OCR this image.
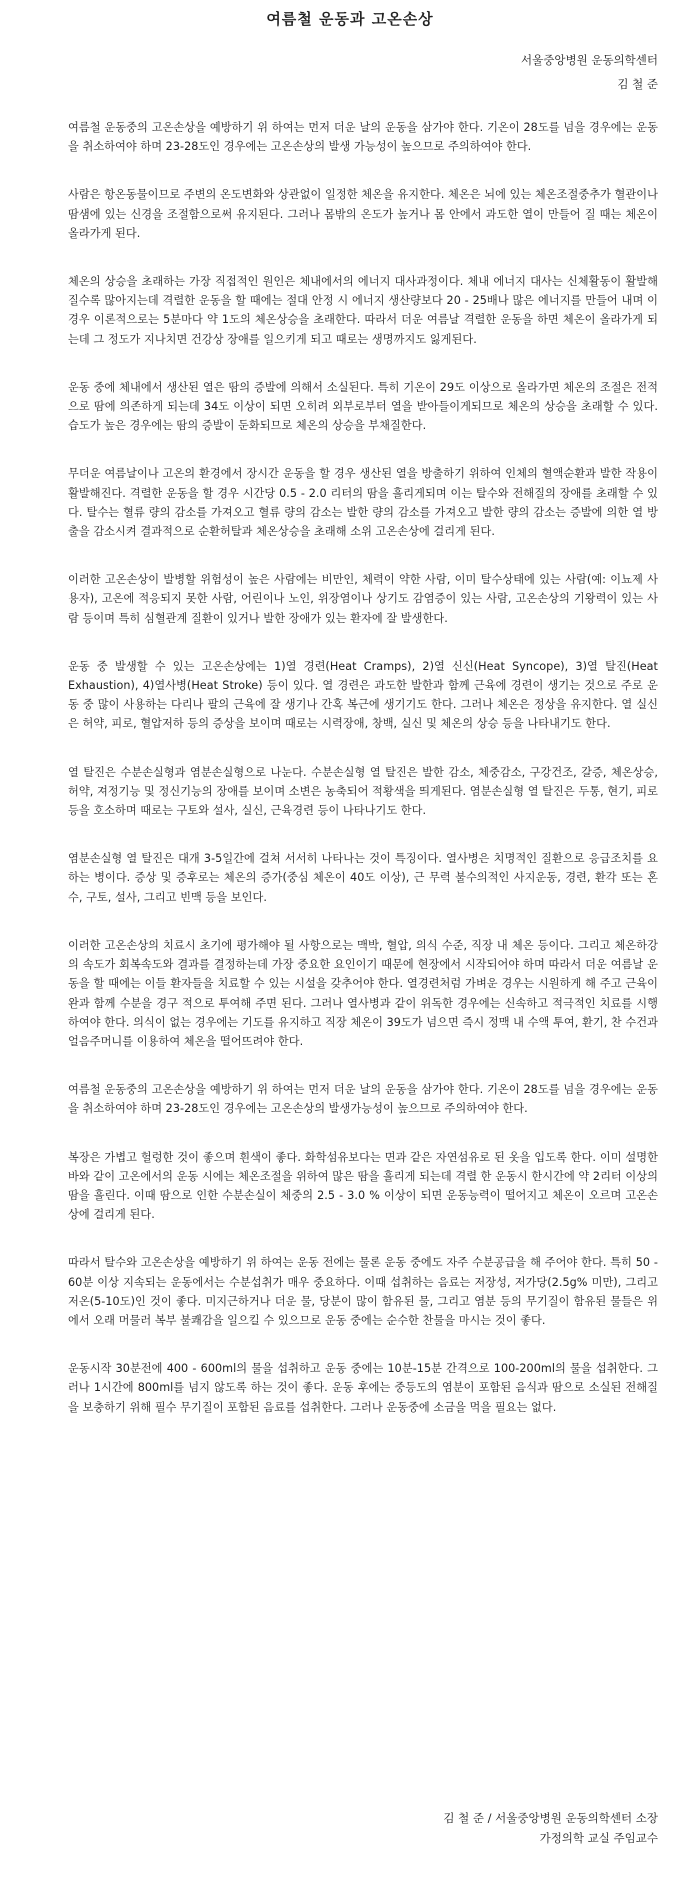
여름철 운동과 고온손상
서울중앙병원 운동의학센터
김 철 준

여름철 운동중의 고온손상을 예방하기 위 하여는 먼저 더운 날의 운동을 삼가야 한다. 기온이 28도를 넘을 경우에는 운동을 취소하여야 하며 23-28도인 경우에는 고온손상의 발생 가능성이 높으므로 주의하여야 한다.

사람은 항온동물이므로 주변의 온도변화와 상관없이 일정한 체온을 유지한다. 체온은 뇌에 있는 체온조절중추가 혈관이나 땀샘에 있는 신경을 조절함으로써 유지된다. 그러나 몸밖의 온도가 높거나 몸 안에서 과도한 열이 만들어 질 때는 체온이 올라가게 된다.

체온의 상승을 초래하는 가장 직접적인 원인은 체내에서의 에너지 대사과정이다. 체내 에너지 대사는 신체활동이 활발해 질수록 많아지는데 격렬한 운동을 할 때에는 절대 안정 시 에너지 생산량보다 20 - 25배나 많은 에너지를 만들어 내며 이 경우 이론적으로는 5분마다 약 1도의 체온상승을 초래한다. 따라서 더운 여름날 격렬한 운동을 하면 체온이 올라가게 되는데 그 정도가 지나치면 건강상 장애를 일으키게 되고 때로는 생명까지도 잃게된다.

운동 중에 체내에서 생산된 열은 땀의 증발에 의해서 소실된다. 특히 기온이 29도 이상으로 올라가면 체온의 조절은 전적으로 땀에 의존하게 되는데 34도 이상이 되면 오히려 외부로부터 열을 받아들이게되므로 체온의 상승을 초래할 수 있다. 습도가 높은 경우에는 땀의 증발이 둔화되므로 체온의 상승을 부채질한다.

무더운 여름날이나 고온의 환경에서 장시간 운동을 할 경우 생산된 열을 방출하기 위하여 인체의 혈액순환과 발한 작용이 활발해진다. 격렬한 운동을 할 경우 시간당 0.5 - 2.0 리터의 땀을 흘리게되며 이는 탈수와 전해질의 장애를 초래할 수 있다. 탈수는 혈류 량의 감소를 가져오고 혈류 량의 감소는 발한 량의 감소를 가져오고 발한 량의 감소는 증발에 의한 열 방출을 감소시켜 결과적으로 순환허탈과 체온상승을 초래해 소위 고온손상에 걸리게 된다.

이러한 고온손상이 발병할 위험성이 높은 사람에는 비만인, 체력이 약한 사람, 이미 탈수상태에 있는 사람(예: 이뇨제 사용자), 고온에 적응되지 못한 사람, 어린이나 노인, 위장염이나 상기도 감염증이 있는 사람, 고온손상의 기왕력이 있는 사람 등이며 특히 심혈관계 질환이 있거나 발한 장애가 있는 환자에 잘 발생한다.

운동 중 발생할 수 있는 고온손상에는 1)열 경련(Heat Cramps), 2)열 신신(Heat Syncope), 3)열 탈진(Heat Exhaustion), 4)열사병(Heat Stroke) 등이 있다. 열 경련은 과도한 발한과 함께 근육에 경련이 생기는 것으로 주로 운동 중 많이 사용하는 다리나 팔의 근육에 잘 생기나 간혹 복근에 생기기도 한다. 그러나 체온은 정상을 유지한다. 열 실신은 허약, 피로, 혈압저하 등의 증상을 보이며 때로는 시력장애, 창백, 실신 및 체온의 상승 등을 나타내기도 한다.

열 탈진은 수분손실형과 염분손실형으로 나눈다. 수분손실형 열 탈진은 발한 감소, 체중감소, 구강건조, 갈증, 체온상승, 허약, 져정기능 및 정신기능의 장애를 보이며 소변은 농축되어 적황색을 띄게된다. 염분손실형 열 탈진은 두통, 현기, 피로 등을 호소하며 때로는 구토와 설사, 실신, 근육경련 등이 나타나기도 한다.

염분손실형 열 탈진은 대개 3-5일간에 걸쳐 서서히 나타나는 것이 특징이다. 열사병은 치명적인 질환으로 응급조치를 요하는 병이다. 증상 및 증후로는 체온의 증가(중심 체온이 40도 이상), 근 무력 불수의적인 사지운동, 경련, 환각 또는 혼수, 구토, 설사, 그리고 빈맥 등을 보인다.

이러한 고온손상의 치료시 초기에 평가해야 될 사항으로는 맥박, 혈압, 의식 수준, 직장 내 체온 등이다. 그리고 체온하강의 속도가 회복속도와 결과를 결정하는데 가장 중요한 요인이기 때문에 현장에서 시작되어야 하며 따라서 더운 여름날 운동을 할 때에는 이들 환자들을 치료할 수 있는 시설을 갖추어야 한다. 열경련처럼 가벼운 경우는 시원하게 해 주고 근육이완과 함께 수분을 경구 적으로 투여해 주면 된다. 그러나 열사병과 같이 위독한 경우에는 신속하고 적극적인 치료를 시행하여야 한다. 의식이 없는 경우에는 기도를 유지하고 직장 체온이 39도가 넘으면 즉시 정맥 내 수액 투여, 환기, 찬 수건과 얼음주머니를 이용하여 체온을 떨어뜨려야 한다.

여름철 운동중의 고온손상을 예방하기 위 하여는 먼저 더운 날의 운동을 삼가야 한다. 기온이 28도를 넘을 경우에는 운동을 취소하여야 하며 23-28도인 경우에는 고온손상의 발생가능성이 높으므로 주의하여야 한다.

복장은 가볍고 헐렁한 것이 좋으며 흰색이 좋다. 화학섬유보다는 면과 같은 자연섬유로 된 옷을 입도록 한다. 이미 설명한 바와 같이 고온에서의 운동 시에는 체온조절을 위하여 많은 땀을 흘리게 되는데 격렬 한 운동시 한시간에 약 2리터 이상의 땀을 흘린다. 이때 땀으로 인한 수분손실이 체중의 2.5 - 3.0 % 이상이 되면 운동능력이 떨어지고 체온이 오르며 고온손상에 걸리게 된다.

따라서 탈수와 고온손상을 예방하기 위 하여는 운동 전에는 물론 운동 중에도 자주 수분공급을 해 주어야 한다. 특히 50 - 60분 이상 지속되는 운동에서는 수분섭취가 매우 중요하다. 이때 섭취하는 음료는 저장성, 저가당(2.5g% 미만), 그리고 저온(5-10도)인 것이 좋다. 미지근하거나 더운 물, 당분이 많이 함유된 물, 그리고 염분 등의 무기질이 함유된 물들은 위에서 오래 머물러 복부 불쾌감을 일으킬 수 있으므로 운동 중에는 순수한 찬물을 마시는 것이 좋다.

운동시작 30분전에 400 - 600ml의 물을 섭취하고 운동 중에는 10분-15분 간격으로 100-200ml의 물을 섭취한다. 그러나 1시간에 800ml를 넘지 않도록 하는 것이 좋다. 운동 후에는 중등도의 염분이 포함된 음식과 땀으로 소실된 전해질을 보충하기 위해 필수 무기질이 포함된 음료를 섭취한다. 그러나 운동중에 소금을 먹을 필요는 없다.

김 철 준 / 서울중앙병원 운동의학센터 소장
가정의학 교실 주임교수
